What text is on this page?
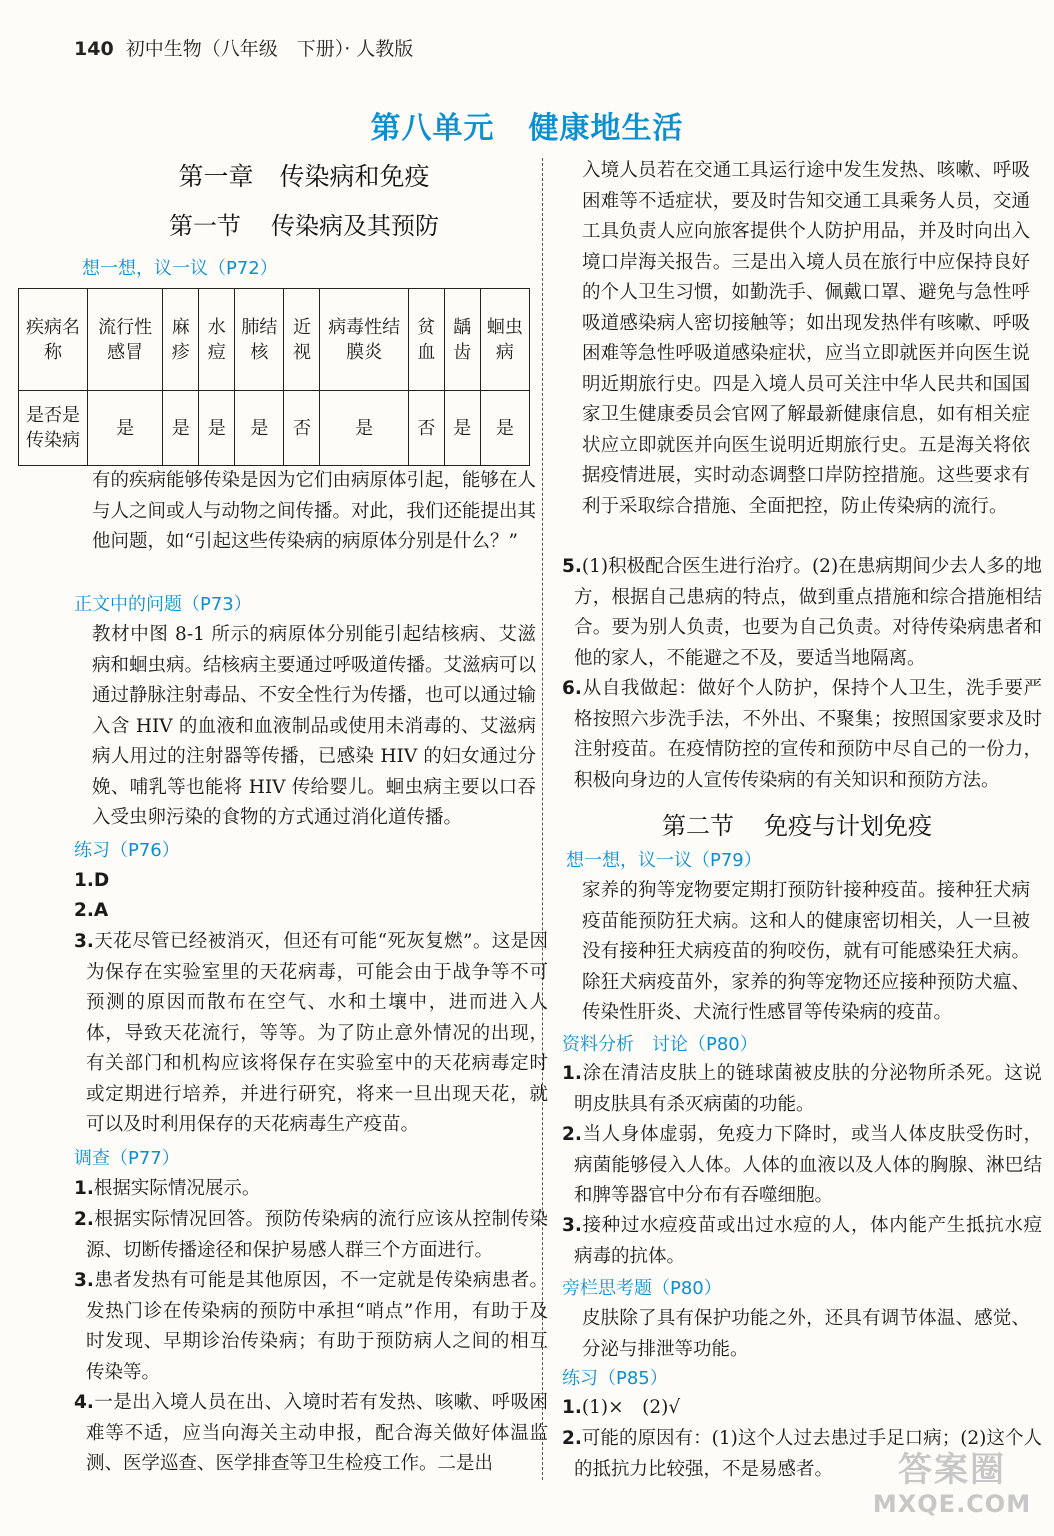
140 初中生物（八年级　下册）· 人教版
第八单元 健康地生活
第一章 传染病和免疫
第一节 传染病及其预防
想一想，议一议（P72）

有的疾病能够传染是因为它们由病原体引起，能够在人与人之间或人与动物之间传播。对此，我们还能提出其他问题，如“引起这些传染病的病原体分别是什么？”

正文中的问题（P73）

教材中图 8-1 所示的病原体分别能引起结核病、艾滋病和蛔虫病。结核病主要通过呼吸道传播。艾滋病可以通过静脉注射毒品、不安全性行为传播，也可以通过输入含 HIV 的血液和血液制品或使用未消毒的、艾滋病病人用过的注射器等传播，已感染 HIV 的妇女通过分娩、哺乳等也能将 HIV 传给婴儿。蛔虫病主要以口吞入受虫卵污染的食物的方式通过消化道传播。

练习（P76）

1.D

2.A

3.天花尽管已经被消灭，但还有可能“死灰复燃”。这是因为保存在实验室里的天花病毒，可能会由于战争等不可预测的原因而散布在空气、水和土壤中，进而进入人体，导致天花流行，等等。为了防止意外情况的出现，有关部门和机构应该将保存在实验室中的天花病毒定时或定期进行培养，并进行研究，将来一旦出现天花，就可以及时利用保存的天花病毒生产疫苗。

调查（P77）

1.根据实际情况展示。

2.根据实际情况回答。预防传染病的流行应该从控制传染源、切断传播途径和保护易感人群三个方面进行。

3.患者发热有可能是其他原因，不一定就是传染病患者。发热门诊在传染病的预防中承担“哨点”作用，有助于及时发现、早期诊治传染病；有助于预防病人之间的相互传染等。

4.一是出入境人员在出、入境时若有发热、咳嗽、呼吸困难等不适，应当向海关主动申报，配合海关做好体温监测、医学巡查、医学排查等卫生检疫工作。二是出

疾病名称	流行性感冒	麻疹	水痘	肺结核	近视	病毒性结膜炎	贫血	龋齿	蛔虫病
是否是传染病	是	是	是	是	否	是	否	是	是

入境人员若在交通工具运行途中发生发热、咳嗽、呼吸困难等不适症状，要及时告知交通工具乘务人员，交通工具负责人应向旅客提供个人防护用品，并及时向出入境口岸海关报告。三是出入境人员在旅行中应保持良好的个人卫生习惯，如勤洗手、佩戴口罩、避免与急性呼吸道感染病人密切接触等；如出现发热伴有咳嗽、呼吸困难等急性呼吸道感染症状，应当立即就医并向医生说明近期旅行史。四是入境人员可关注中华人民共和国国家卫生健康委员会官网了解最新健康信息，如有相关症状应立即就医并向医生说明近期旅行史。五是海关将依据疫情进展，实时动态调整口岸防控措施。这些要求有利于采取综合措施、全面把控，防止传染病的流行。

5.(1)积极配合医生进行治疗。(2)在患病期间少去人多的地方，根据自己患病的特点，做到重点措施和综合措施相结合。要为别人负责，也要为自己负责。对待传染病患者和他的家人，不能避之不及，要适当地隔离。

6.从自我做起：做好个人防护，保持个人卫生，洗手要严格按照六步洗手法，不外出、不聚集；按照国家要求及时注射疫苗。在疫情防控的宣传和预防中尽自己的一份力，积极向身边的人宣传传染病的有关知识和预防方法。

第二节 免疫与计划免疫
想一想，议一议（P79）

家养的狗等宠物要定期打预防针接种疫苗。接种狂犬病疫苗能预防狂犬病。这和人的健康密切相关，人一旦被没有接种狂犬病疫苗的狗咬伤，就有可能感染狂犬病。除狂犬病疫苗外，家养的狗等宠物还应接种预防犬瘟、传染性肝炎、犬流行性感冒等传染病的疫苗。

资料分析　讨论（P80）

1.涂在清洁皮肤上的链球菌被皮肤的分泌物所杀死。这说明皮肤具有杀灭病菌的功能。

2.当人身体虚弱，免疫力下降时，或当人体皮肤受伤时，病菌能够侵入人体。人体的血液以及人体的胸腺、淋巴结和脾等器官中分布有吞噬细胞。

3.接种过水痘疫苗或出过水痘的人，体内能产生抵抗水痘病毒的抗体。

旁栏思考题（P80）

皮肤除了具有保护功能之外，还具有调节体温、感觉、分泌与排泄等功能。

练习（P85）

1.(1)×　(2)√

2.可能的原因有：(1)这个人过去患过手足口病；(2)这个人的抵抗力比较强，不是易感者。	答案圈
MXQE.COM
